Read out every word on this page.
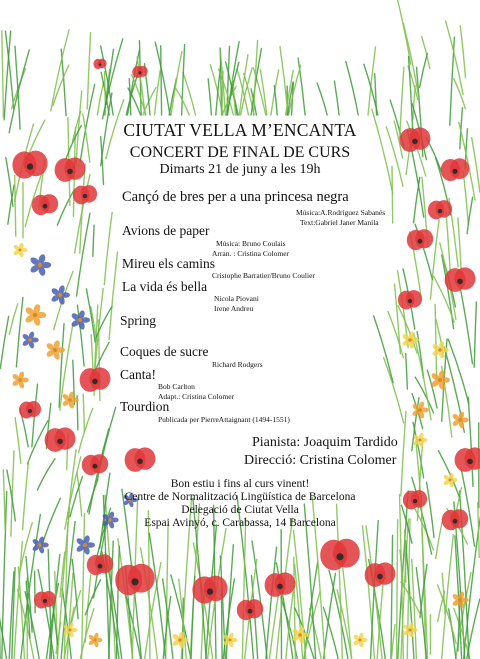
CIUTAT VELLA M’ENCANTA
CONCERT DE FINAL DE CURS
Dimarts 21 de juny a les 19h
Cançó de bres per a una princesa negra
Música:A.Rodriguez Sabanés
Text:Gabriel Janer Manila
Avions de paper
Música: Bruno Coulais
Arran. : Cristina Colomer
Mireu els camins
Cristophe Barratier/Bruno Coulier
La vida és bella
Nicola Piovani
Irene Andreu
Spring
Coques de sucre
Richard Rodgers
Canta!
Bob Carlton
Adapt.: Cristina Colomer
Tourdion
Publicada per PierreAttaignant (1494-1551)
Pianista: Joaquim Tardido
Direcció: Cristina Colomer
Bon estiu i fins al curs vinent!
Centre de Normalització Lingüística de Barcelona
Delegació de Ciutat Vella
Espai Avinyó, c. Carabassa, 14 Barcelona
